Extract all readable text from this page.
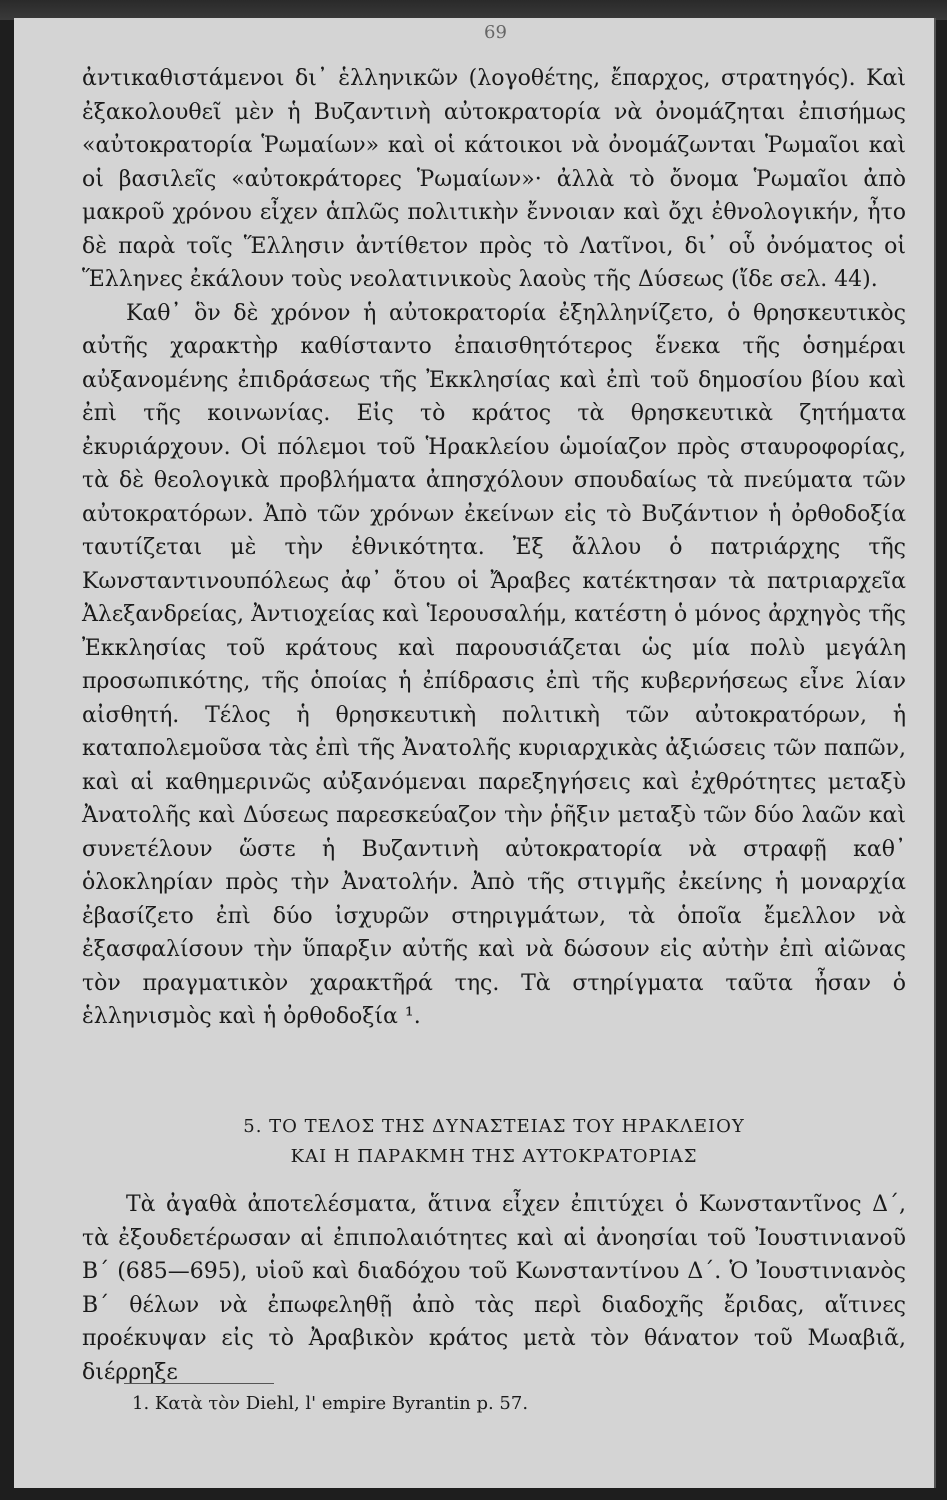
69

ἀντικαθιστάμενοι δι᾽ ἑλληνικῶν (λογοθέτης, ἔπαρχος, στρατηγός). Καὶ ἐξακολουθεῖ μὲν ἡ Βυζαντινὴ αὐτοκρατορία νὰ ὀνομάζηται ἐπισήμως «αὐτοκρατορία Ῥωμαίων» καὶ οἱ κάτοικοι νὰ ὀνομάζωνται Ῥωμαῖοι καὶ οἱ βασιλεῖς «αὐτοκράτορες Ῥωμαίων»· ἀλλὰ τὸ ὄνομα Ῥωμαῖοι ἀπὸ μακροῦ χρόνου εἶχεν ἁπλῶς πολιτικὴν ἔννοιαν καὶ ὄχι ἐθνολογικήν, ἦτο δὲ παρὰ τοῖς Ἕλλησιν ἀντίθετον πρὸς τὸ Λατῖνοι, δι᾽ οὗ ὀνόματος οἱ Ἕλληνες ἐκάλουν τοὺς νεολατινικοὺς λαοὺς τῆς Δύσεως (ἴδε σελ. 44).

Καθ᾽ ὃν δὲ χρόνον ἡ αὐτοκρατορία ἐξηλληνίζετο, ὁ θρησκευτικὸς αὐτῆς χαρακτὴρ καθίσταντο ἐπαισθητότερος ἕνεκα τῆς ὁσημέραι αὐξανομένης ἐπιδράσεως τῆς Ἐκκλησίας καὶ ἐπὶ τοῦ δημοσίου βίου καὶ ἐπὶ τῆς κοινωνίας. Εἰς τὸ κράτος τὰ θρησκευτικὰ ζητήματα ἐκυριάρχουν. Οἱ πόλεμοι τοῦ Ἡρακλείου ὡμοίαζον πρὸς σταυροφορίας, τὰ δὲ θεολογικὰ προβλήματα ἀπησχόλουν σπουδαίως τὰ πνεύματα τῶν αὐτοκρατόρων. Ἀπὸ τῶν χρόνων ἐκείνων εἰς τὸ Βυζάντιον ἡ ὀρθοδοξία ταυτίζεται μὲ τὴν ἐθνικότητα. Ἐξ ἄλλου ὁ πατριάρχης τῆς Κωνσταντινουπόλεως ἀφ᾽ ὅτου οἱ Ἄραβες κατέκτησαν τὰ πατριαρχεῖα Ἀλεξανδρείας, Ἀντιοχείας καὶ Ἱερουσαλήμ, κατέστη ὁ μόνος ἀρχηγὸς τῆς Ἐκκλησίας τοῦ κράτους καὶ παρουσιάζεται ὡς μία πολὺ μεγάλη προσωπικότης, τῆς ὁποίας ἡ ἐπίδρασις ἐπὶ τῆς κυβερνήσεως εἶνε λίαν αἰσθητή. Τέλος ἡ θρησκευτικὴ πολιτικὴ τῶν αὐτοκρατόρων, ἡ καταπολεμοῦσα τὰς ἐπὶ τῆς Ἀνατολῆς κυριαρχικὰς ἀξιώσεις τῶν παπῶν, καὶ αἱ καθημερινῶς αὐξανόμεναι παρεξηγήσεις καὶ ἐχθρότητες μεταξὺ Ἀνατολῆς καὶ Δύσεως παρεσκεύαζον τὴν ῥῆξιν μεταξὺ τῶν δύο λαῶν καὶ συνετέλουν ὥστε ἡ Βυζαντινὴ αὐτοκρατορία νὰ στραφῇ καθ᾽ ὁλοκληρίαν πρὸς τὴν Ἀνατολήν. Ἀπὸ τῆς στιγμῆς ἐκείνης ἡ μοναρχία ἐβασίζετο ἐπὶ δύο ἰσχυρῶν στηριγμάτων, τὰ ὁποῖα ἔμελλον νὰ ἐξασφαλίσουν τὴν ὕπαρξιν αὐτῆς καὶ νὰ δώσουν εἰς αὐτὴν ἐπὶ αἰῶνας τὸν πραγματικὸν χαρακτῆρά της. Τὰ στηρίγματα ταῦτα ἦσαν ὁ ἑλληνισμὸς καὶ ἡ ὀρθοδοξία ¹.

5. ΤΟ ΤΕΛΟΣ ΤΗΣ ΔΥΝΑΣΤΕΙΑΣ ΤΟΥ ΗΡΑΚΛΕΙΟΥ
ΚΑΙ Η ΠΑΡΑΚΜΗ ΤΗΣ ΑΥΤΟΚΡΑΤΟΡΙΑΣ
Τὰ ἀγαθὰ ἀποτελέσματα, ἅτινα εἶχεν ἐπιτύχει ὁ Κωνσταντῖνος Δ΄, τὰ ἐξουδετέρωσαν αἱ ἐπιπολαιότητες καὶ αἱ ἀνοησίαι τοῦ Ἰουστινιανοῦ Β΄ (685—695), υἱοῦ καὶ διαδόχου τοῦ Κωνσταντίνου Δ΄. Ὁ Ἰουστινιανὸς Β΄ θέλων νὰ ἐπωφεληθῇ ἀπὸ τὰς περὶ διαδοχῆς ἔριδας, αἵτινες προέκυψαν εἰς τὸ Ἀραβικὸν κράτος μετὰ τὸν θάνατον τοῦ Μωαβιᾶ, διέρρηξε
1. Κατὰ τὸν Diehl, l' empire Byrantin p. 57.
